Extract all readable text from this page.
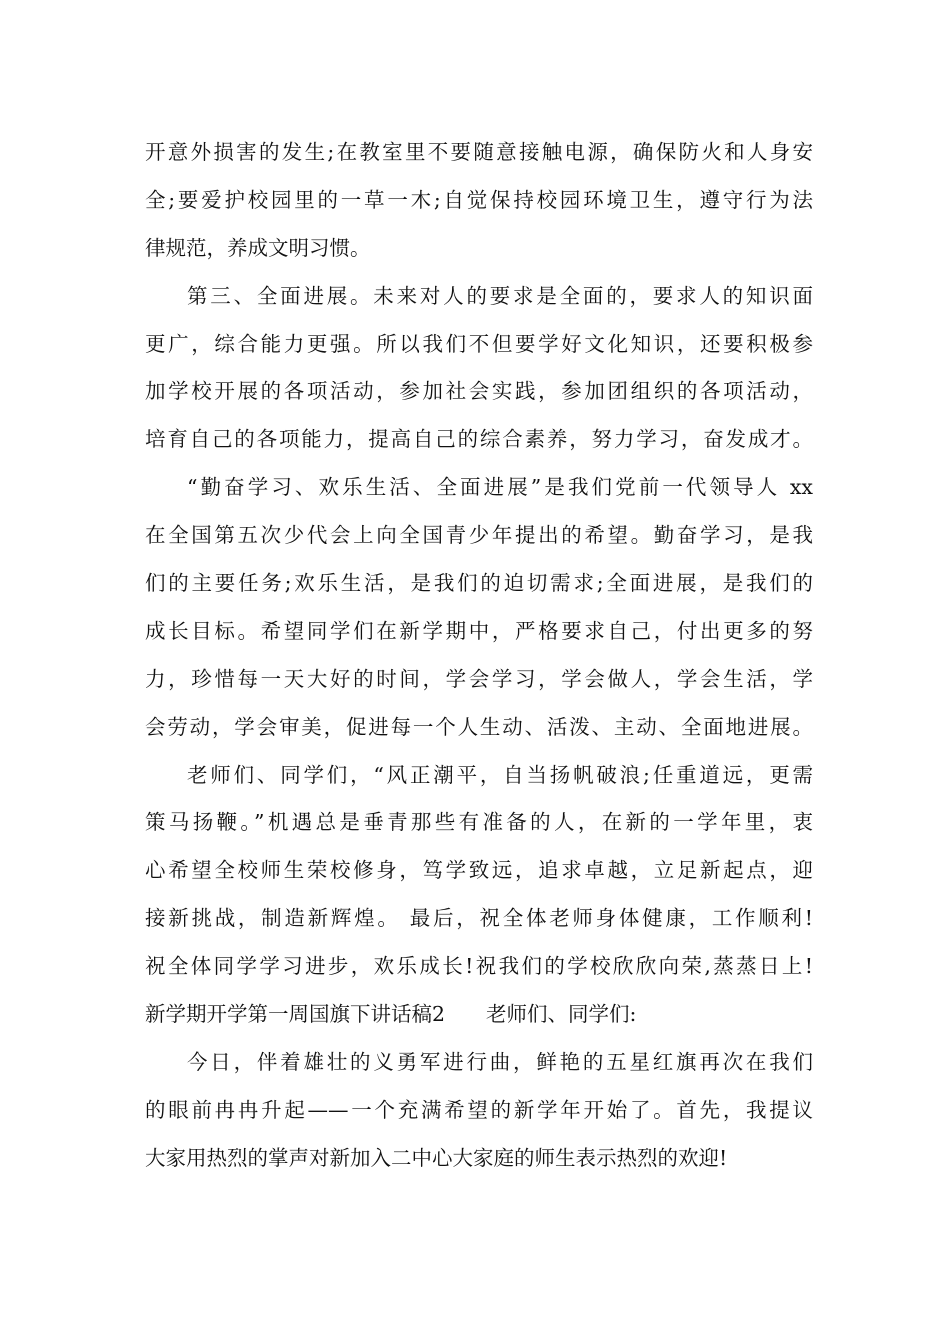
开意外损害的发生;在教室里不要随意接触电源，确保防火和人身安
全;要爱护校园里的一草一木;自觉保持校园环境卫生，遵守行为法
律规范，养成文明习惯。
第三、全面进展。未来对人的要求是全面的，要求人的知识面
更广，综合能力更强。所以我们不但要学好文化知识，还要积极参
加学校开展的各项活动，参加社会实践，参加团组织的各项活动，
培育自己的各项能力，提高自己的综合素养，努力学习，奋发成才。
“勤奋学习、欢乐生活、全面进展”是我们党前一代领导人 xx
在全国第五次少代会上向全国青少年提出的希望。勤奋学习，是我
们的主要任务;欢乐生活，是我们的迫切需求;全面进展，是我们的
成长目标。希望同学们在新学期中，严格要求自己，付出更多的努
力，珍惜每一天大好的时间，学会学习，学会做人，学会生活，学
会劳动，学会审美，促进每一个人生动、活泼、主动、全面地进展。
老师们、同学们，“风正潮平，自当扬帆破浪;任重道远，更需
策马扬鞭。”机遇总是垂青那些有准备的人，在新的一学年里，衷
心希望全校师生荣校修身，笃学致远，追求卓越，立足新起点，迎
接新挑战，制造新辉煌。 最后，祝全体老师身体健康，工作顺利!
祝全体同学学习进步，欢乐成长!祝我们的学校欣欣向荣,蒸蒸日上!
新学期开学第一周国旗下讲话稿2　　老师们、同学们:
今日，伴着雄壮的义勇军进行曲，鲜艳的五星红旗再次在我们
的眼前冉冉升起——一个充满希望的新学年开始了。首先，我提议
大家用热烈的掌声对新加入二中心大家庭的师生表示热烈的欢迎!
